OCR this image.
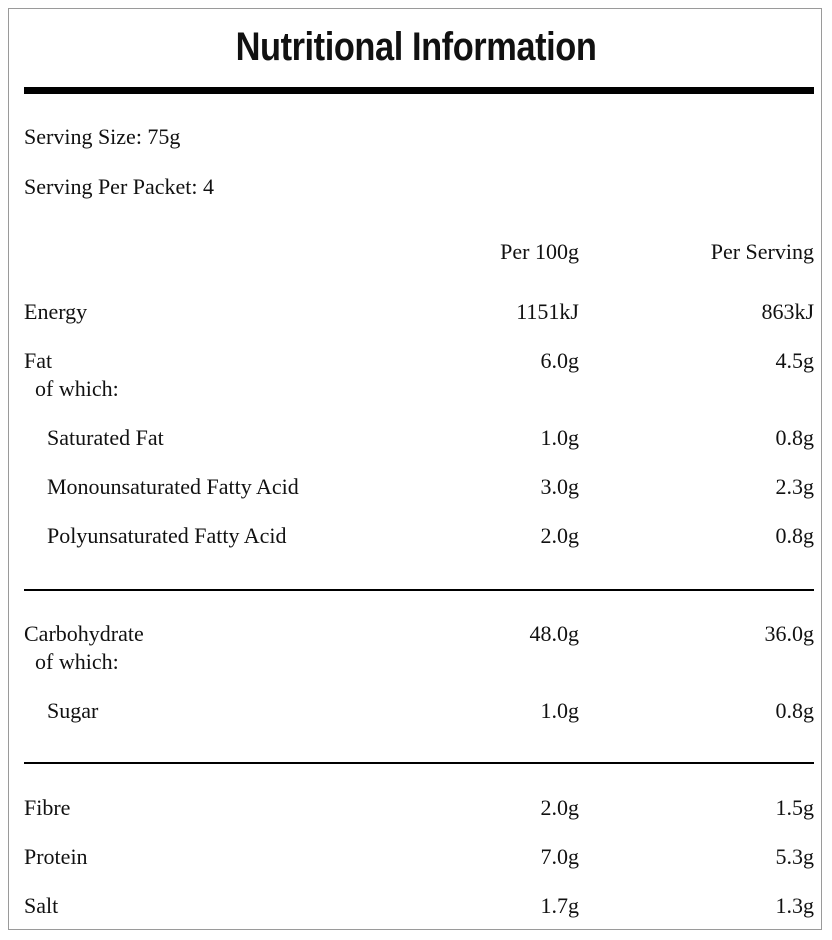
Nutritional Information
Serving Size: 75g
Serving Per Packet: 4
Per 100g	Per Serving
Energy	1151kJ	863kJ
Fat	6.0g	4.5g
of which:
Saturated Fat	1.0g	0.8g
Monounsaturated Fatty Acid	3.0g	2.3g
Polyunsaturated Fatty Acid	2.0g	0.8g
Carbohydrate	48.0g	36.0g
of which:
Sugar	1.0g	0.8g
Fibre	2.0g	1.5g
Protein	7.0g	5.3g
Salt	1.7g	1.3g
